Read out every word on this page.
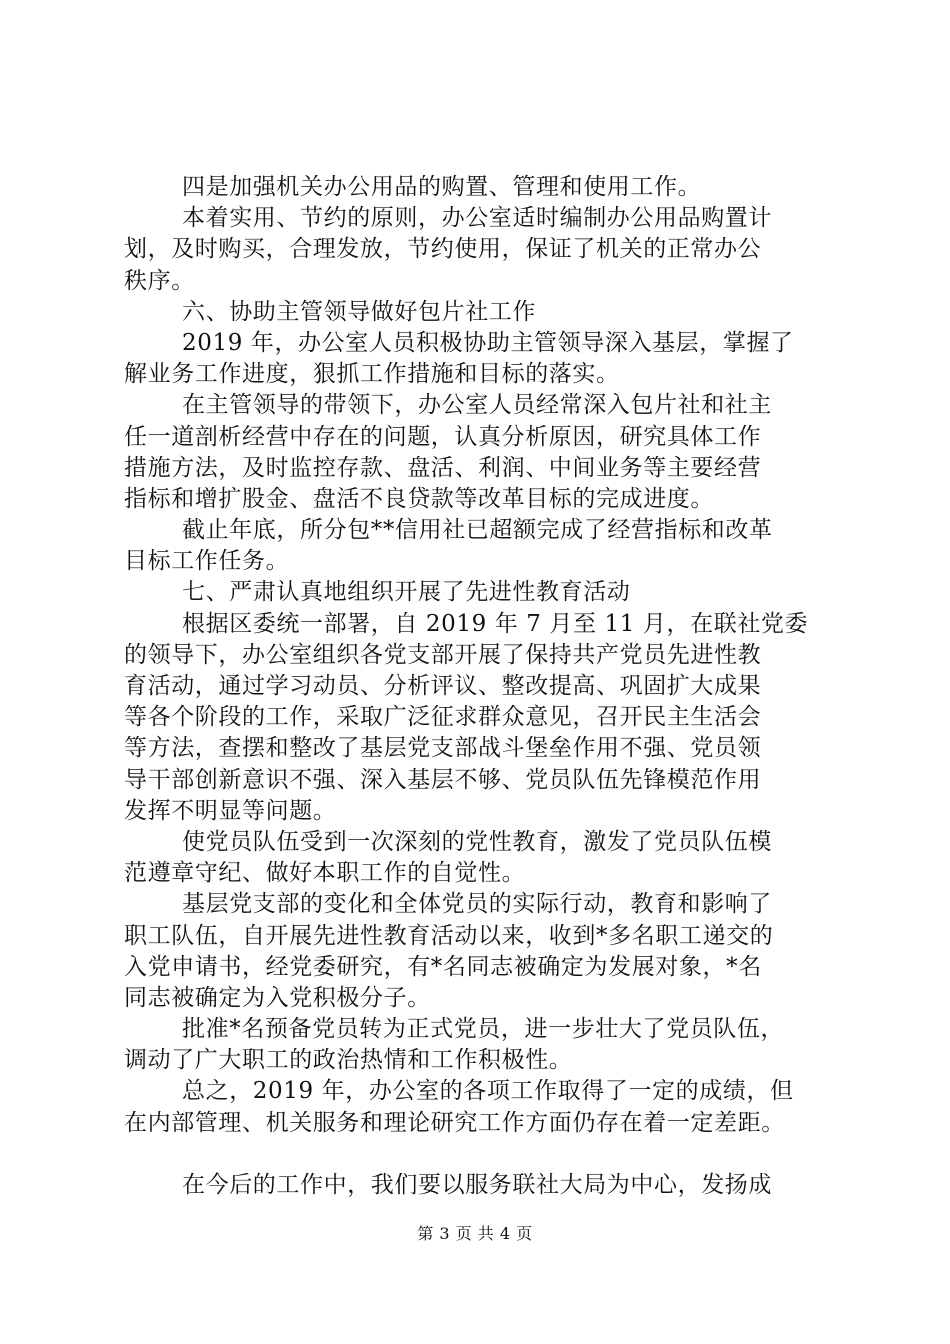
四是加强机关办公用品的购置、管理和使用工作。
本着实用、节约的原则，办公室适时编制办公用品购置计
划，及时购买，合理发放，节约使用，保证了机关的正常办公
秩序。
六、协助主管领导做好包片社工作
2019 年，办公室人员积极协助主管领导深入基层，掌握了
解业务工作进度，狠抓工作措施和目标的落实。
在主管领导的带领下，办公室人员经常深入包片社和社主
任一道剖析经营中存在的问题，认真分析原因，研究具体工作
措施方法，及时监控存款、盘活、利润、中间业务等主要经营
指标和增扩股金、盘活不良贷款等改革目标的完成进度。
截止年底，所分包**信用社已超额完成了经营指标和改革
目标工作任务。
七、严肃认真地组织开展了先进性教育活动
根据区委统一部署，自 2019 年 7 月至 11 月，在联社党委
的领导下，办公室组织各党支部开展了保持共产党员先进性教
育活动，通过学习动员、分析评议、整改提高、巩固扩大成果
等各个阶段的工作，采取广泛征求群众意见，召开民主生活会
等方法，查摆和整改了基层党支部战斗堡垒作用不强、党员领
导干部创新意识不强、深入基层不够、党员队伍先锋模范作用
发挥不明显等问题。
使党员队伍受到一次深刻的党性教育，激发了党员队伍模
范遵章守纪、做好本职工作的自觉性。
基层党支部的变化和全体党员的实际行动，教育和影响了
职工队伍，自开展先进性教育活动以来，收到*多名职工递交的
入党申请书，经党委研究，有*名同志被确定为发展对象，*名
同志被确定为入党积极分子。
批准*名预备党员转为正式党员，进一步壮大了党员队伍，
调动了广大职工的政治热情和工作积极性。
总之，2019 年，办公室的各项工作取得了一定的成绩，但
在内部管理、机关服务和理论研究工作方面仍存在着一定差距。
在今后的工作中，我们要以服务联社大局为中心，发扬成
第 3 页 共 4 页
